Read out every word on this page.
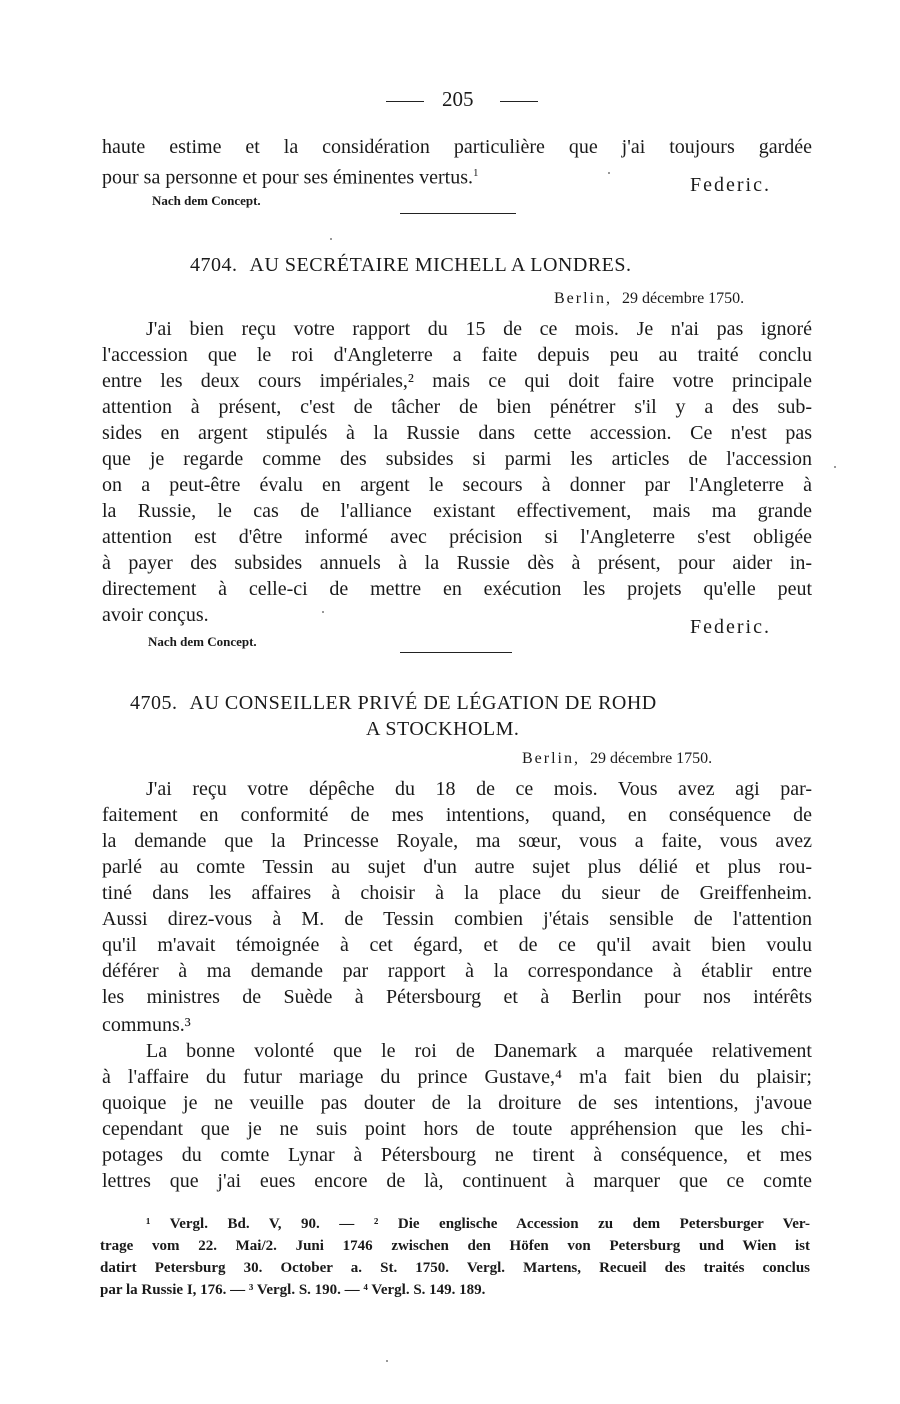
205
haute estime et la considération particulière que j'ai toujours gardée
pour sa personne et pour ses éminentes vertus.$^1$
Federic.
Nach dem Concept.
4704. AU SECRÉTAIRE MICHELL A LONDRES.
Berlin, 29 décembre 1750.
J'ai bien reçu votre rapport du 15 de ce mois. Je n'ai pas ignoré
l'accession que le roi d'Angleterre a faite depuis peu au traité conclu
entre les deux cours impériales,² mais ce qui doit faire votre principale
attention à présent, c'est de tâcher de bien pénétrer s'il y a des sub-
sides en argent stipulés à la Russie dans cette accession. Ce n'est pas
que je regarde comme des subsides si parmi les articles de l'accession
on a peut-être évalu en argent le secours à donner par l'Angleterre à
la Russie, le cas de l'alliance existant effectivement, mais ma grande
attention est d'être informé avec précision si l'Angleterre s'est obligée
à payer des subsides annuels à la Russie dès à présent, pour aider in-
directement à celle-ci de mettre en exécution les projets qu'elle peut
avoir conçus.
Federic.
Nach dem Concept.
4705. AU CONSEILLER PRIVÉ DE LÉGATION DE ROHD
A STOCKHOLM.
Berlin, 29 décembre 1750.
J'ai reçu votre dépêche du 18 de ce mois. Vous avez agi par-
faitement en conformité de mes intentions, quand, en conséquence de
la demande que la Princesse Royale, ma sœur, vous a faite, vous avez
parlé au comte Tessin au sujet d'un autre sujet plus délié et plus rou-
tiné dans les affaires à choisir à la place du sieur de Greiffenheim.
Aussi direz-vous à M. de Tessin combien j'étais sensible de l'attention
qu'il m'avait témoignée à cet égard, et de ce qu'il avait bien voulu
déférer à ma demande par rapport à la correspondance à établir entre
les ministres de Suède à Pétersbourg et à Berlin pour nos intérêts
communs.³
La bonne volonté que le roi de Danemark a marquée relativement
à l'affaire du futur mariage du prince Gustave,⁴ m'a fait bien du plaisir;
quoique je ne veuille pas douter de la droiture de ses intentions, j'avoue
cependant que je ne suis point hors de toute appréhension que les chi-
potages du comte Lynar à Pétersbourg ne tirent à conséquence, et mes
lettres que j'ai eues encore de là, continuent à marquer que ce comte
¹ Vergl. Bd. V, 90. — ² Die englische Accession zu dem Petersburger Ver-
trage vom 22. Mai/2. Juni 1746 zwischen den Höfen von Petersburg und Wien ist
datirt Petersburg 30. October a. St. 1750. Vergl. Martens, Recueil des traités conclus
par la Russie I, 176. — ³ Vergl. S. 190. — ⁴ Vergl. S. 149. 189.
